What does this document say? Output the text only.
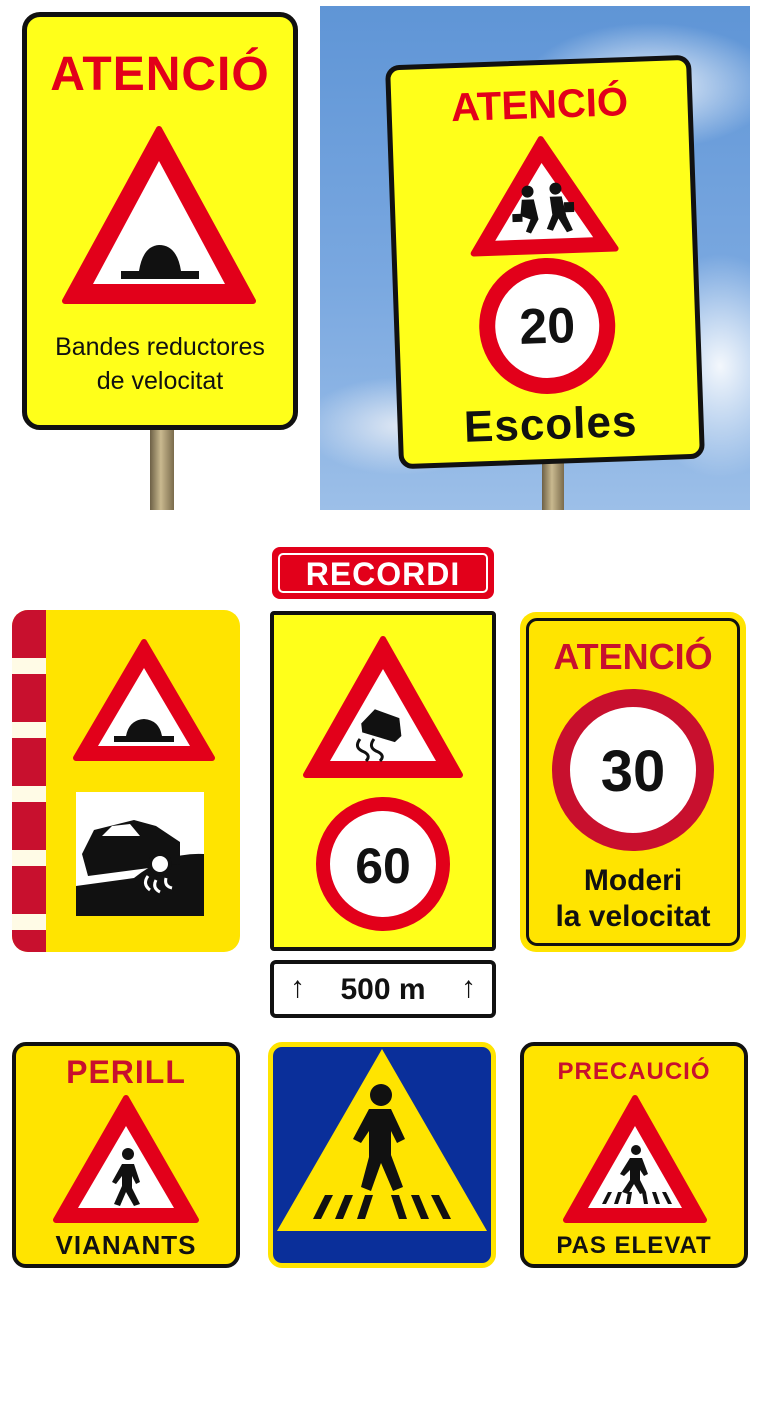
ATENCIÓ
Bandes reductores
de velocitat
ATENCIÓ
20
Escoles
RECORDI
60
↑	500 m	↑
ATENCIÓ
30
Moderi
la velocitat
PERILL
VIANANTS
PRECAUCIÓ
PAS ELEVAT
